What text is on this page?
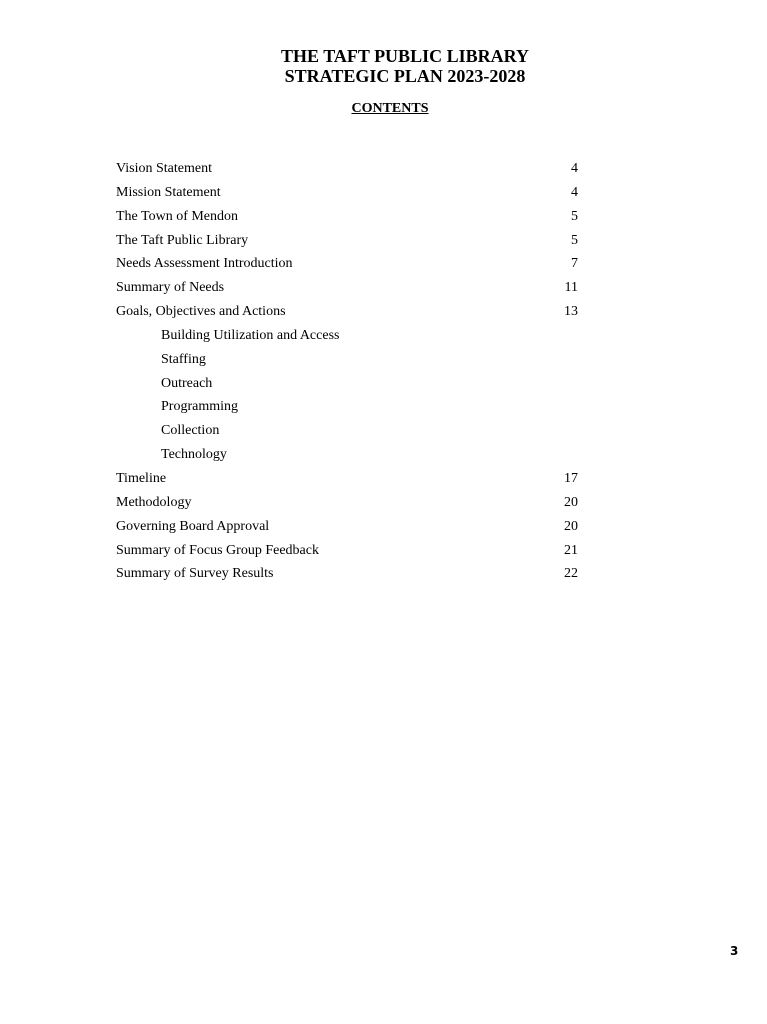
THE TAFT PUBLIC LIBRARY
STRATEGIC PLAN 2023-2028
CONTENTS
Vision Statement	4
Mission Statement	4
The Town of Mendon	5
The Taft Public Library	5
Needs Assessment Introduction	7
Summary of Needs	11
Goals, Objectives and Actions	13
Building Utilization and Access
Staffing
Outreach
Programming
Collection
Technology
Timeline	17
Methodology	20
Governing Board Approval	20
Summary of Focus Group Feedback	21
Summary of Survey Results	22
3
